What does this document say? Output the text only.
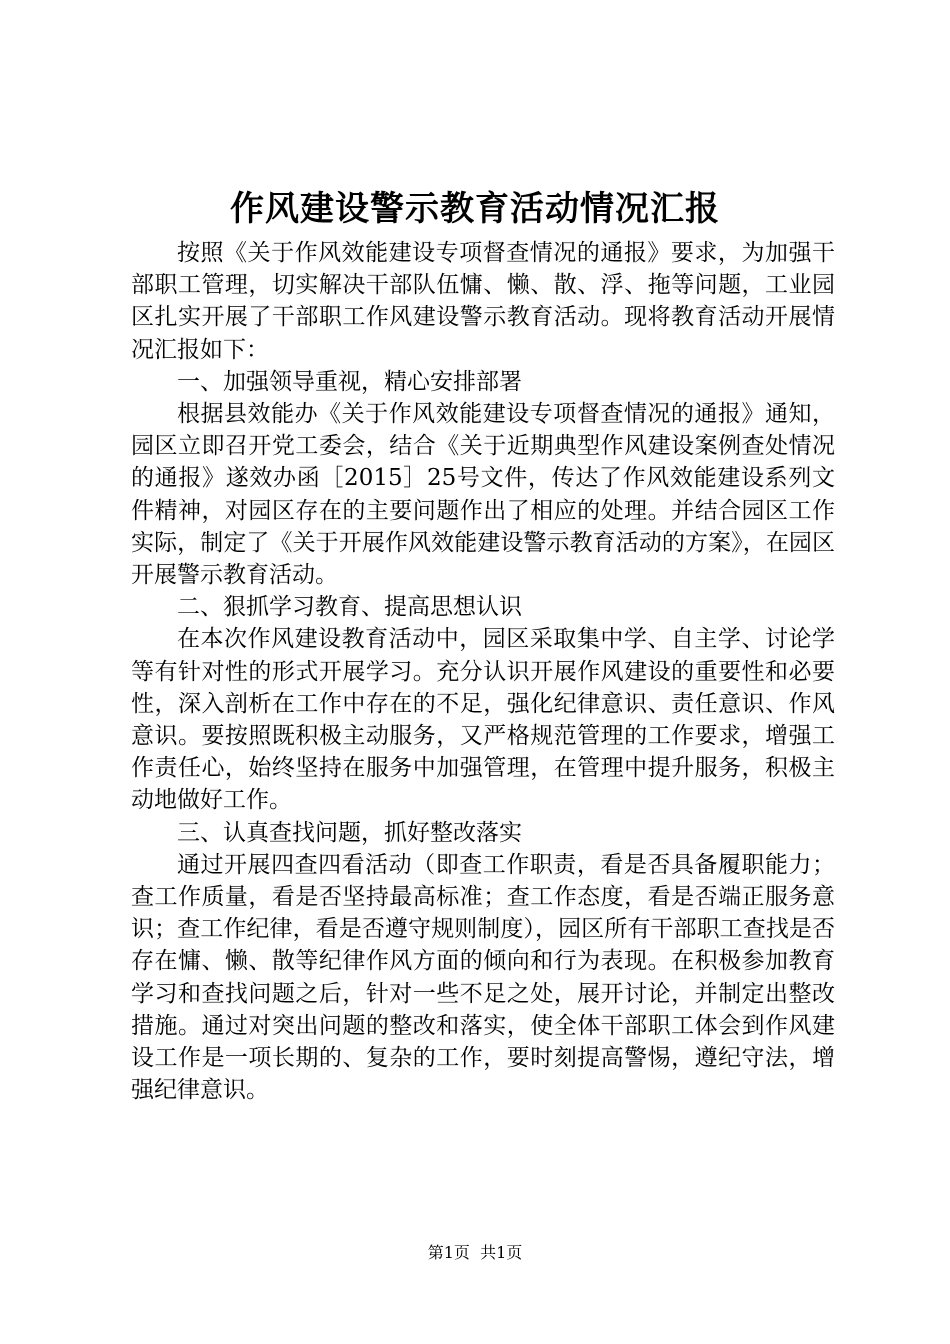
作风建设警示教育活动情况汇报

按照《关于作风效能建设专项督查情况的通报》要求，为加强干部职工管理，切实解决干部队伍慵、懒、散、浮、拖等问题，工业园区扎实开展了干部职工作风建设警示教育活动。现将教育活动开展情况汇报如下：

一、加强领导重视，精心安排部署

根据县效能办《关于作风效能建设专项督查情况的通报》通知，园区立即召开党工委会，结合《关于近期典型作风建设案例查处情况的通报》遂效办函［2015］25号文件，传达了作风效能建设系列文件精神，对园区存在的主要问题作出了相应的处理。并结合园区工作实际，制定了《关于开展作风效能建设警示教育活动的方案》，在园区开展警示教育活动。

二、狠抓学习教育、提高思想认识

在本次作风建设教育活动中，园区采取集中学、自主学、讨论学等有针对性的形式开展学习。充分认识开展作风建设的重要性和必要性，深入剖析在工作中存在的不足，强化纪律意识、责任意识、作风意识。要按照既积极主动服务，又严格规范管理的工作要求，增强工作责任心，始终坚持在服务中加强管理，在管理中提升服务，积极主动地做好工作。

三、认真查找问题，抓好整改落实

通过开展四查四看活动（即查工作职责，看是否具备履职能力；查工作质量，看是否坚持最高标准；查工作态度，看是否端正服务意识；查工作纪律，看是否遵守规则制度），园区所有干部职工查找是否存在慵、懒、散等纪律作风方面的倾向和行为表现。在积极参加教育学习和查找问题之后，针对一些不足之处，展开讨论，并制定出整改措施。通过对突出问题的整改和落实，使全体干部职工体会到作风建设工作是一项长期的、复杂的工作，要时刻提高警惕，遵纪守法，增强纪律意识。

第1页 共1页
